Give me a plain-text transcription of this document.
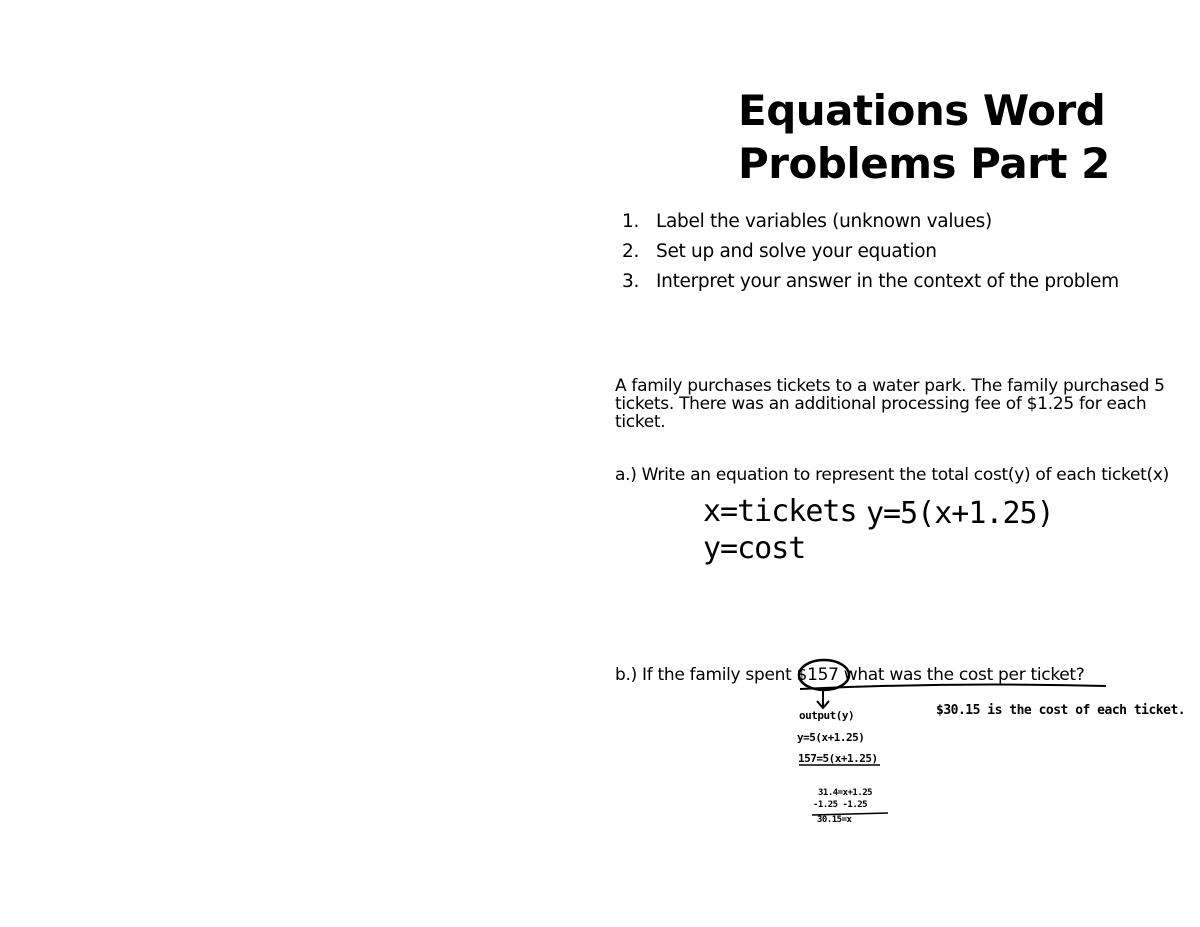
Equations Word
Problems Part 2
1. Label the variables (unknown values)
2. Set up and solve your equation
3. Interpret your answer in the context of the problem

A family purchases tickets to a water park. The family purchased 5 tickets. There was an additional processing fee of $1.25 for each ticket.

a.) Write an equation to represent the total cost(y) of each ticket(x)

x=tickets y=5(x+1.25)
y=cost

b.) If the family spent $157 what was the cost per ticket?

output(y)
y=5(x+1.25)
157=5(x+1.25)
31.4=x+1.25
-1.25 -1.25
30.15=x
$30.15 is the cost of each ticket.
